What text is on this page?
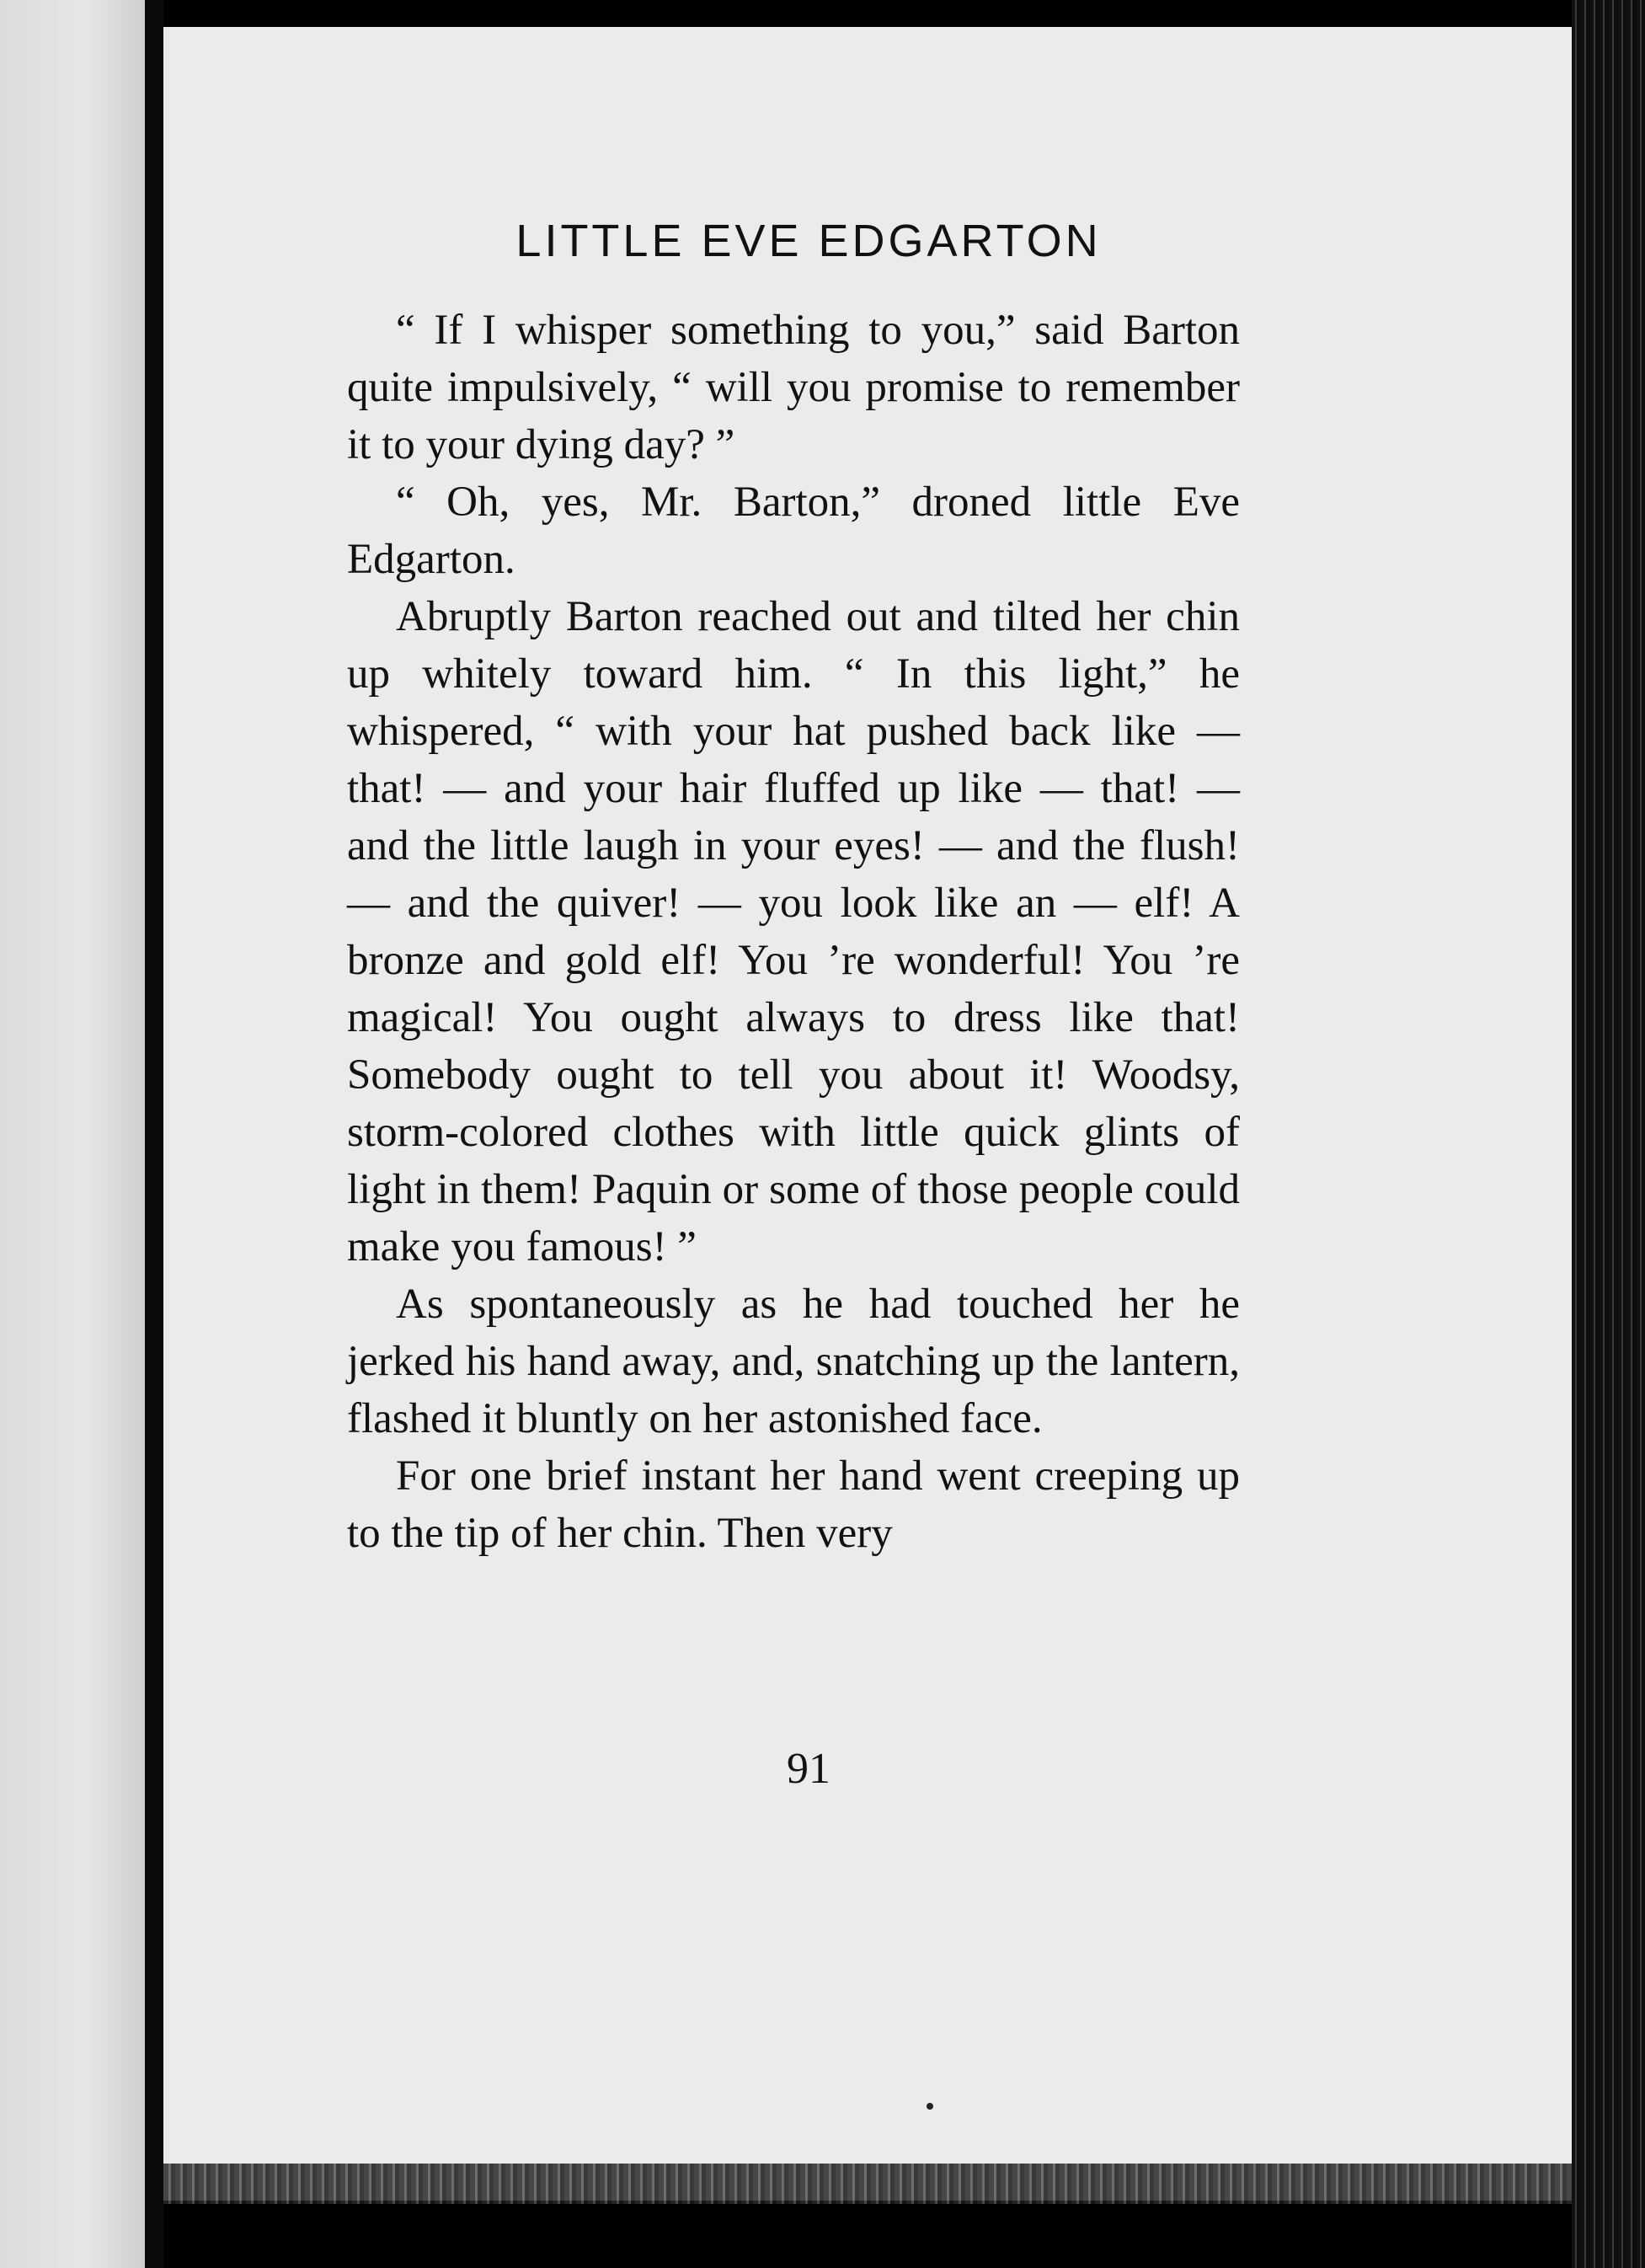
LITTLE EVE EDGARTON

“ If I whisper something to you,” said Barton quite impulsively, “ will you promise to remember it to your dying day? ”

“ Oh, yes, Mr. Barton,” droned little Eve Edgarton.

Abruptly Barton reached out and tilted her chin up whitely toward him. “ In this light,” he whispered, “ with your hat pushed back like — that! — and your hair fluffed up like — that! — and the little laugh in your eyes! — and the flush! — and the quiver! — you look like an — elf! A bronze and gold elf! You ’re wonderful! You ’re magical! You ought always to dress like that! Somebody ought to tell you about it! Woodsy, storm-colored clothes with little quick glints of light in them! Paquin or some of those people could make you famous! ”

As spontaneously as he had touched her he jerked his hand away, and, snatching up the lantern, flashed it bluntly on her astonished face.

For one brief instant her hand went creeping up to the tip of her chin. Then very

91
